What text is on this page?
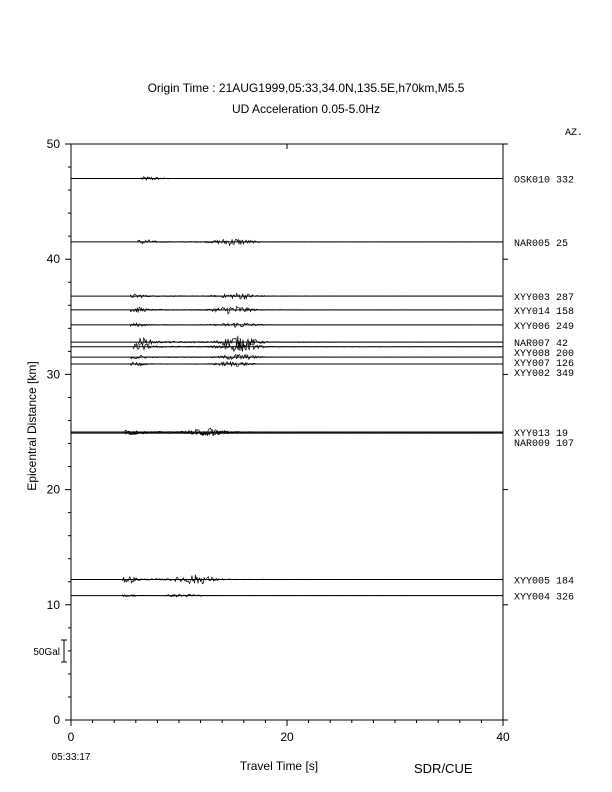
Origin Time : 21AUG1999,05:33,34.0N,135.5E,h70km,M5.5
UD Acceleration 0.05-5.0Hz
0
10
20
30
40
50
0	20	40
Travel Time [s]
Epicentral Distance [km]
05:33:17
AZ.
50Gal
OSK010 332
NAR005 25
XYY003 287
XYY014 158
XYY006 249
NAR007 42
XYY008 200
XYY007 126
XYY002 349
XYY013 19
NAR009 107
XYY005 184
XYY004 326
SDR/CUE
